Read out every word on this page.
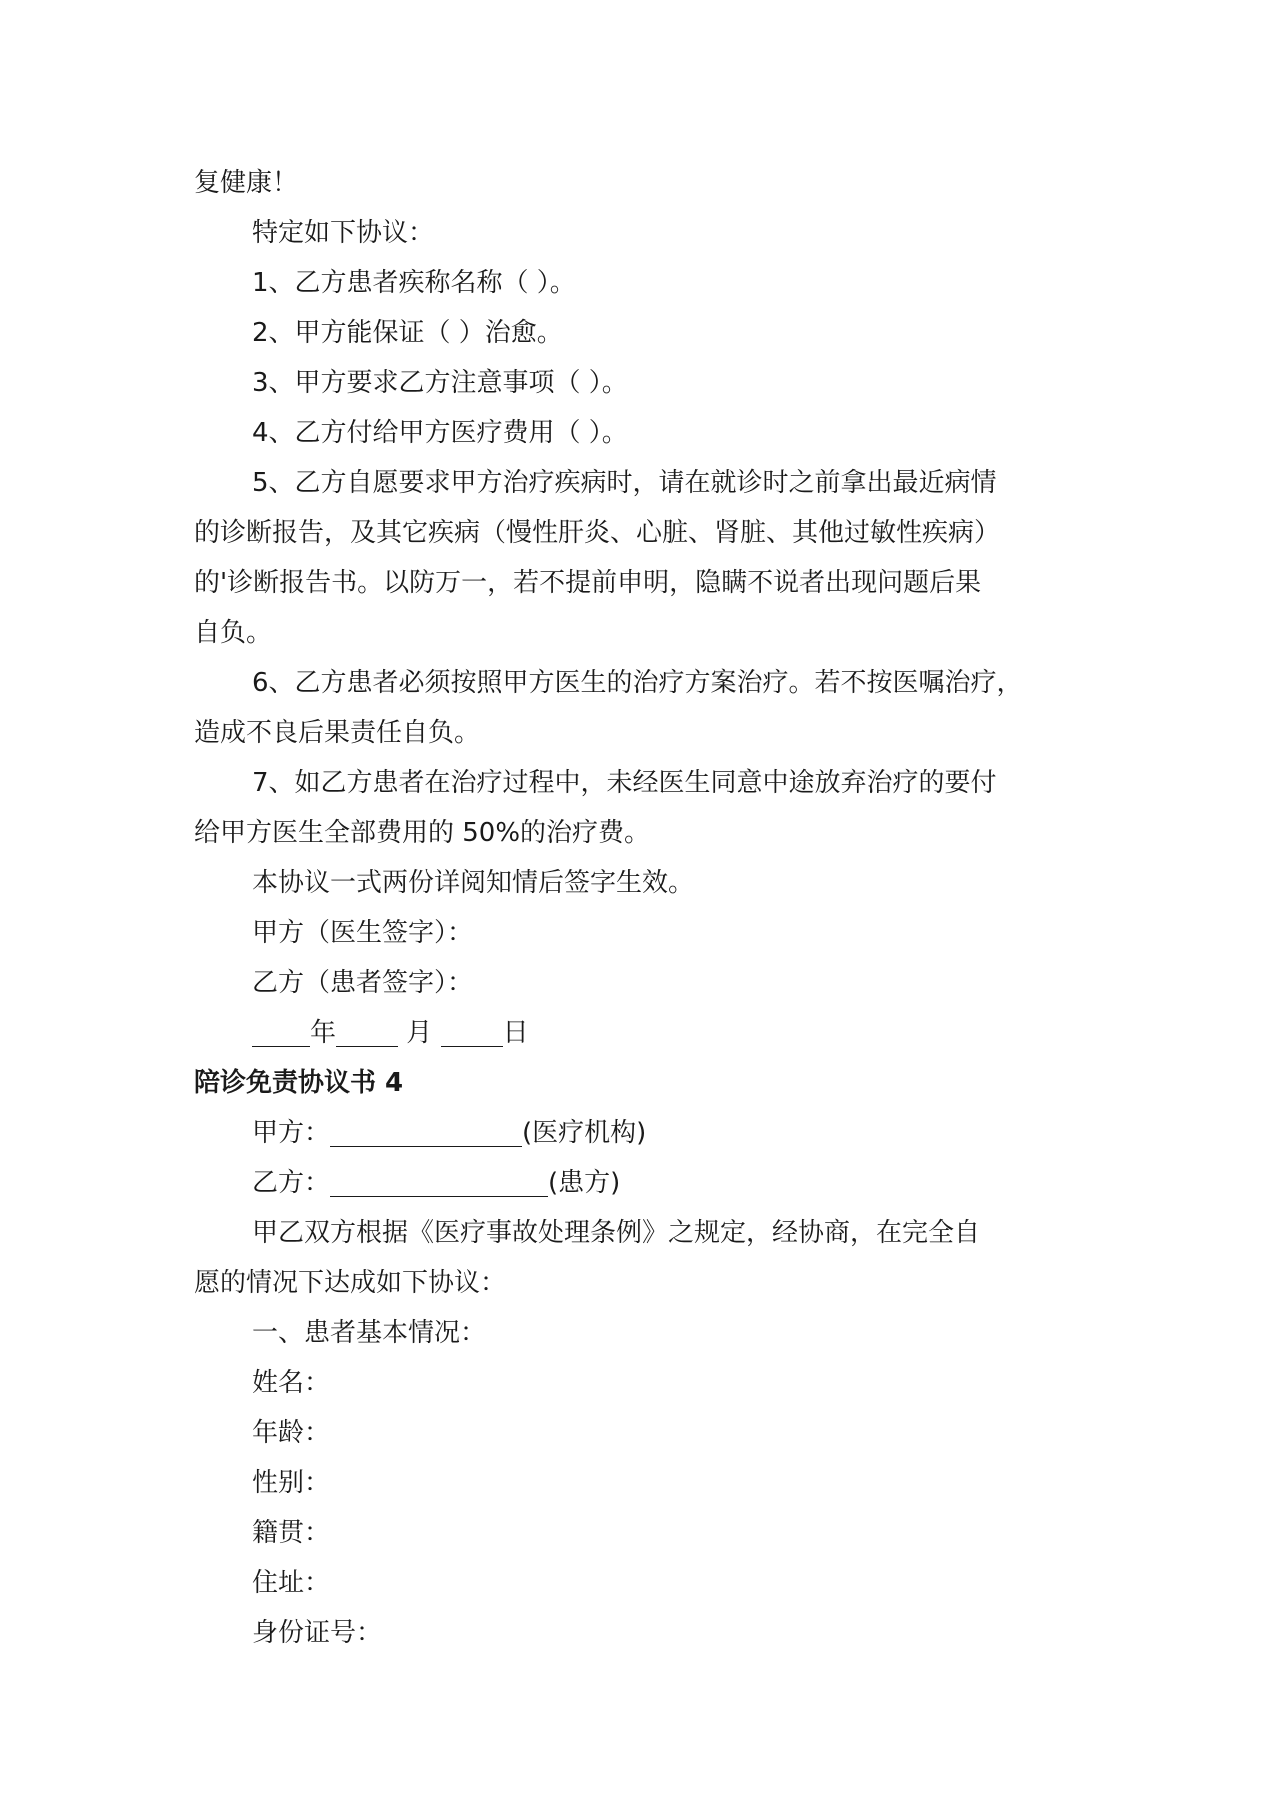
复健康！

特定如下协议：

1、乙方患者疾称名称（ ）。

2、甲方能保证（ ）治愈。

3、甲方要求乙方注意事项（ ）。

4、乙方付给甲方医疗费用（ ）。

5、乙方自愿要求甲方治疗疾病时，请在就诊时之前拿出最近病情

的诊断报告，及其它疾病（慢性肝炎、心脏、肾脏、其他过敏性疾病）

的'诊断报告书。以防万一，若不提前申明，隐瞒不说者出现问题后果

自负。

6、乙方患者必须按照甲方医生的治疗方案治疗。若不按医嘱治疗，

造成不良后果责任自负。

7、如乙方患者在治疗过程中，未经医生同意中途放弃治疗的要付

给甲方医生全部费用的 50%的治疗费。

本协议一式两份详阅知情后签字生效。

甲方（医生签字）：

乙方（患者签字）：

年	月	日

陪诊免责协议书 4

甲方：	(医疗机构)

乙方：	(患方)

甲乙双方根据《医疗事故处理条例》之规定，经协商，在完全自

愿的情况下达成如下协议：

一、患者基本情况：

姓名：

年龄：

性别：

籍贯：

住址：

身份证号：
